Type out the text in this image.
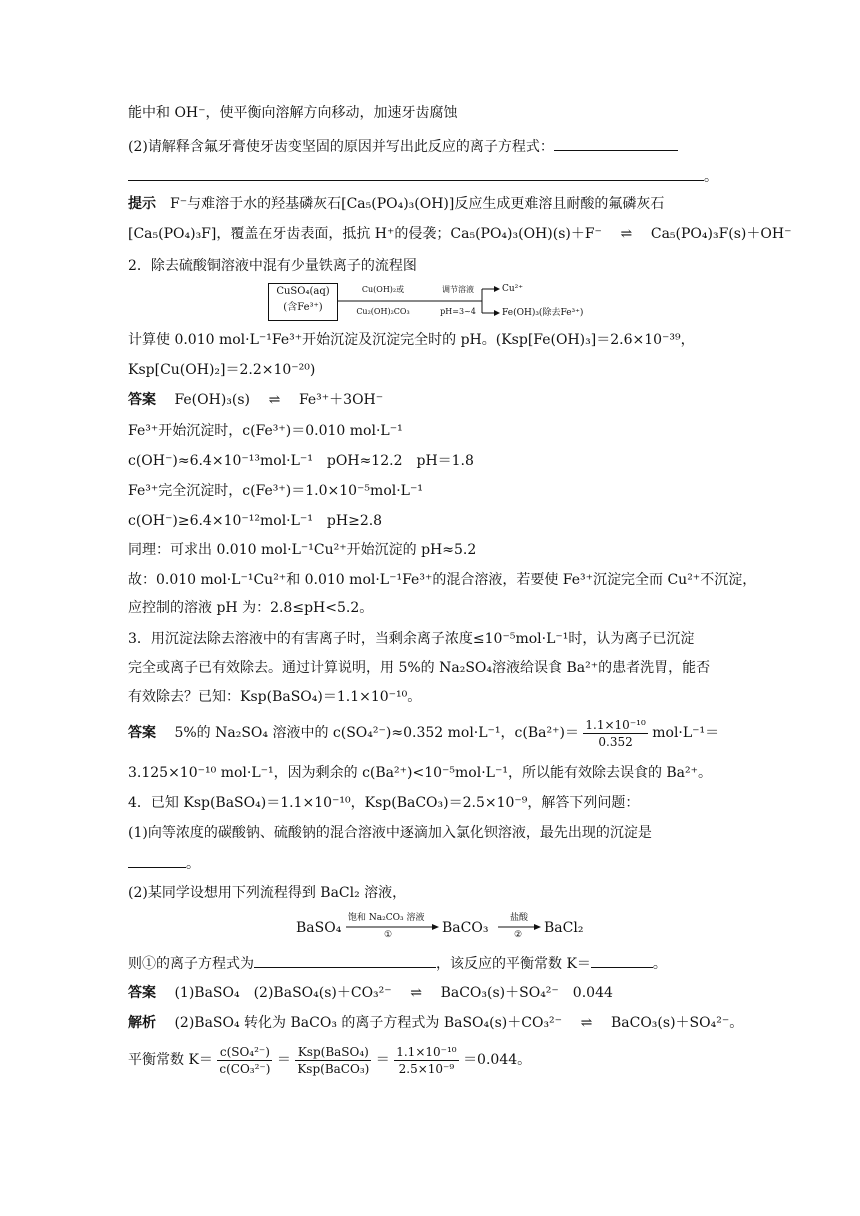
能中和 OH⁻，使平衡向溶解方向移动，加速牙齿腐蚀
(2)请解释含氟牙膏使牙齿变坚固的原因并写出此反应的离子方程式：
。
提示 F⁻与难溶于水的羟基磷灰石[Ca₅(PO₄)₃(OH)]反应生成更难溶且耐酸的氟磷灰石
[Ca₅(PO₄)₃F]，覆盖在牙齿表面，抵抗 H⁺的侵袭；Ca₅(PO₄)₃(OH)(s)＋F⁻ ⇌ Ca₅(PO₄)₃F(s)＋OH⁻
2．除去硫酸铜溶液中混有少量铁离子的流程图
CuSO₄(aq)
(含Fe³⁺)
Cu(OH)₂或
Cu₂(OH)₂CO₃
调节溶液
pH=3~4
Cu²⁺
Fe(OH)₃(除去Fe³⁺)
计算使 0.010 mol·L⁻¹Fe³⁺开始沉淀及沉淀完全时的 pH。(Ksp[Fe(OH)₃]＝2.6×10⁻³⁹，
Ksp[Cu(OH)₂]＝2.2×10⁻²⁰)
答案 Fe(OH)₃(s) ⇌ Fe³⁺＋3OH⁻
Fe³⁺开始沉淀时，c(Fe³⁺)＝0.010 mol·L⁻¹
c(OH⁻)≈6.4×10⁻¹³mol·L⁻¹　pOH≈12.2　pH＝1.8
Fe³⁺完全沉淀时，c(Fe³⁺)＝1.0×10⁻⁵mol·L⁻¹
c(OH⁻)≥6.4×10⁻¹²mol·L⁻¹　pH≥2.8
同理：可求出 0.010 mol·L⁻¹Cu²⁺开始沉淀的 pH≈5.2
故：0.010 mol·L⁻¹Cu²⁺和 0.010 mol·L⁻¹Fe³⁺的混合溶液，若要使 Fe³⁺沉淀完全而 Cu²⁺不沉淀，
应控制的溶液 pH 为：2.8≤pH<5.2。
3．用沉淀法除去溶液中的有害离子时，当剩余离子浓度≤10⁻⁵mol·L⁻¹时，认为离子已沉淀
完全或离子已有效除去。通过计算说明，用 5%的 Na₂SO₄溶液给误食 Ba²⁺的患者洗胃，能否
有效除去？已知：Ksp(BaSO₄)＝1.1×10⁻¹⁰。
答案 5%的 Na₂SO₄ 溶液中的 c(SO₄²⁻)≈0.352 mol·L⁻¹，$c(Ba^{2+})= \frac{\text{1.1×10⁻¹⁰}}{0.352} mol\cdot L^{-1}=$
3.125×10⁻¹⁰ mol·L⁻¹，因为剩余的 c(Ba²⁺)<10⁻⁵mol·L⁻¹，所以能有效除去误食的 Ba²⁺。
4．已知 Ksp(BaSO₄)＝1.1×10⁻¹⁰，Ksp(BaCO₃)＝2.5×10⁻⁹，解答下列问题：
(1)向等浓度的碳酸钠、硫酸钠的混合溶液中逐滴加入氯化钡溶液，最先出现的沉淀是
。
(2)某同学设想用下列流程得到 BaCl₂ 溶液，
BaSO₄
饱和 Na₂CO₃ 溶液
①	BaCO₃
盐酸
② BaCl₂
则①的离子方程式为	，该反应的平衡常数 K＝	。
答案 (1)BaSO₄　(2)BaSO₄(s)＋CO₃²⁻ ⇌ BaCO₃(s)＋SO₄²⁻　0.044
解析 (2)BaSO₄ 转化为 BaCO₃ 的离子方程式为 BaSO₄(s)＋CO₃²⁻ ⇌ BaCO₃(s)＋SO₄²⁻。
平衡常数 $K= \frac{\text{c(SO₄²⁻)}}{\text{c(CO₃²⁻)}} = \frac{\text{Ksp(BaSO₄)}}{\text{Ksp(BaCO₃)}} = \frac{\text{1.1×10⁻¹⁰}}{\text{2.5×10⁻⁹}} =0.044$。
